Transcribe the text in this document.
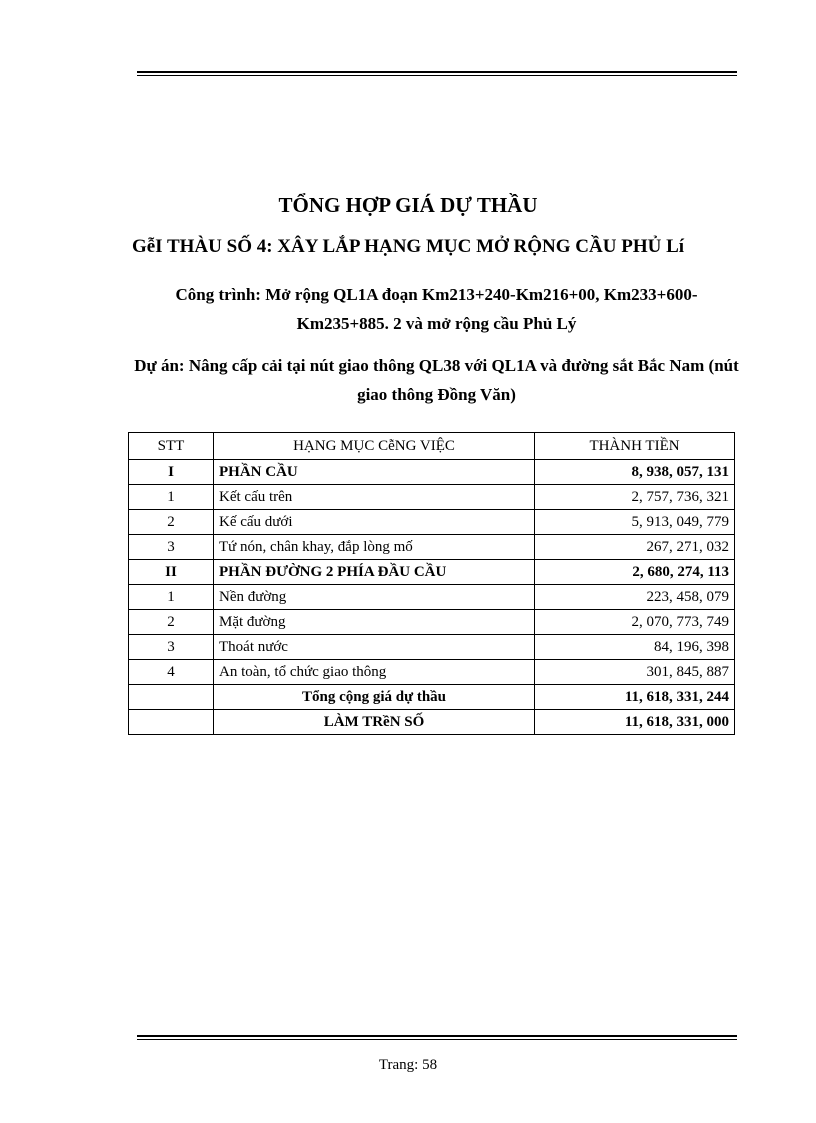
TỔNG HỢP GIÁ DỰ THẦU
GễI THÀU SỐ 4: XÂY LẮP HẠNG MỤC MỞ RỘNG CẦU PHỦ Lí
Công trình: Mở rộng QL1A đoạn Km213+240-Km216+00, Km233+600-Km235+885. 2 và mở rộng cầu Phủ Lý
Dự án: Nâng cấp cải tại nút giao thông QL38 với QL1A và đường sắt Bắc Nam (nút giao thông Đồng Văn)
STT	HẠNG MỤC CễNG VIỆC	THÀNH TIỀN
I	PHẦN CẦU	8, 938, 057, 131
1	Kết cấu trên	2, 757, 736, 321
2	Kế cấu dưới	5, 913, 049, 779
3	Tứ nón, chân khay, đắp lòng mố	267, 271, 032
II	PHẦN ĐƯỜNG 2 PHÍA ĐẦU CẦU	2, 680, 274, 113
1	Nền đường	223, 458, 079
2	Mặt đường	2, 070, 773, 749
3	Thoát nước	84, 196, 398
4	An toàn, tổ chức giao thông	301, 845, 887
	Tổng cộng giá dự thầu	11, 618, 331, 244
	LÀM TRềN SỐ	11, 618, 331, 000
Trang: 58
